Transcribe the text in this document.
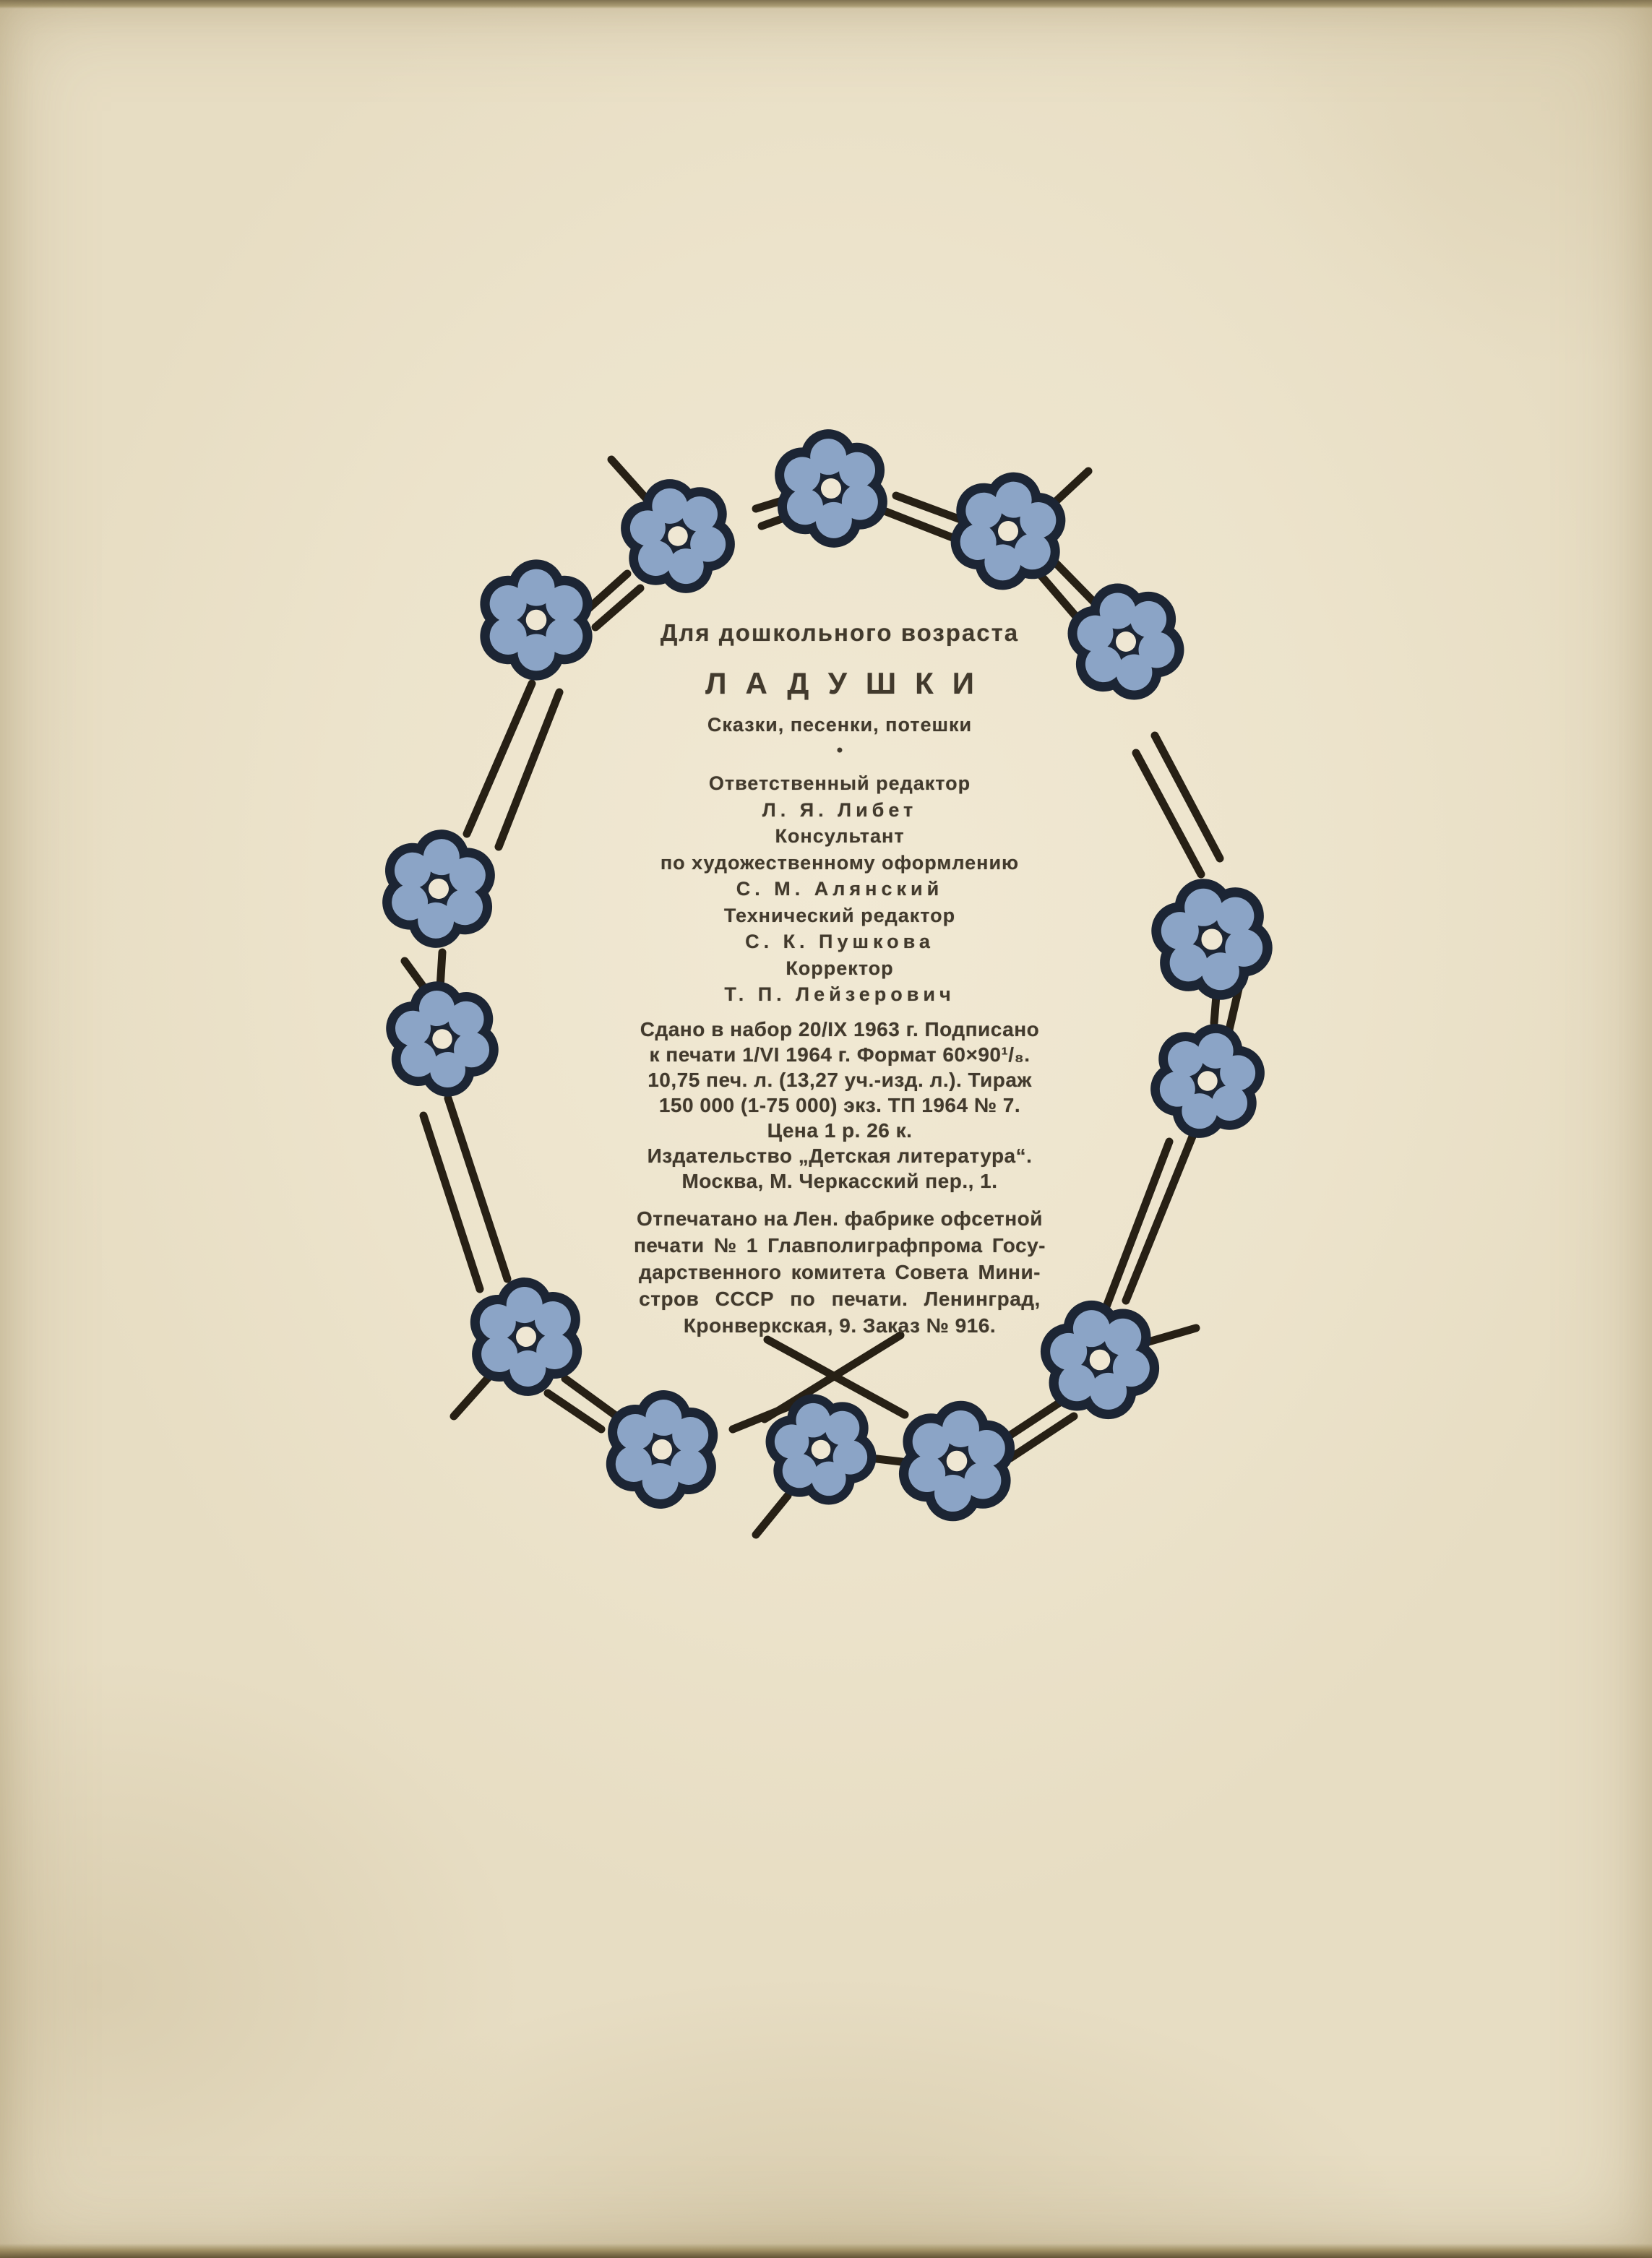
Для дошкольного возраста
ЛАДУШКИ
Сказки, песенки, потешки
•
Ответственный редактор
Л. Я. Либет
Консультант
по художественному оформлению
С. М. Алянский
Технический редактор
С. К. Пушкова
Корректор
Т. П. Лейзерович
Сдано в набор 20/IX 1963 г. Подписано
к печати 1/VI 1964 г. Формат 60×90¹/₈.
10,75 печ. л. (13,27 уч.-изд. л.). Тираж
150 000 (1-75 000) экз. ТП 1964 № 7.
Цена 1 р. 26 к.
Издательство „Детская литература“.
Москва, М. Черкасский пер., 1.
Отпечатано на Лен. фабрике офсетной
печати № 1 Главполиграфпрома Госу-
дарственного комитета Совета Мини-
стров СССР по печати. Ленинград,
Кронверкская, 9. Заказ № 916.
